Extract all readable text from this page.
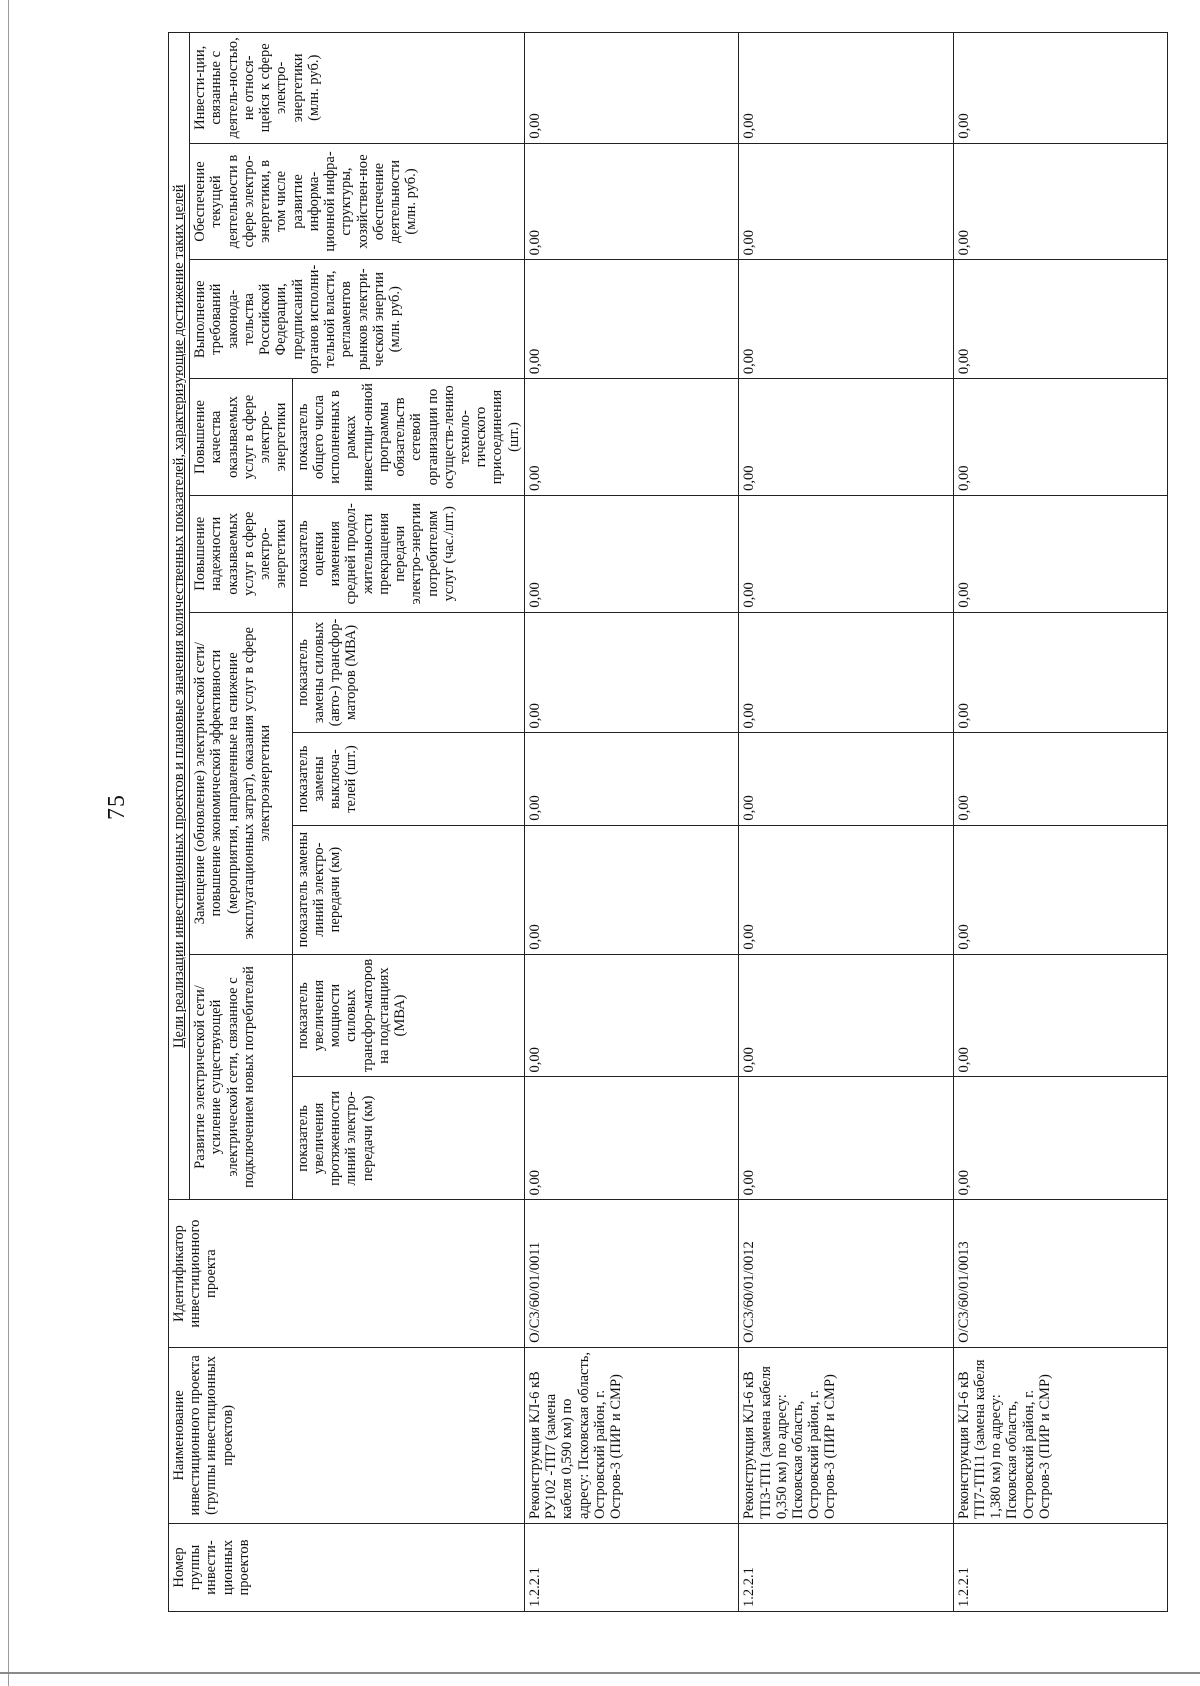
75
Номер группы инвести-ционных проектов	Наименование инвестиционного проекта (группы инвестиционных проектов)	Идентификатор инвестиционного проекта	Цели реализации инвестиционных проектов и плановые значения количественных показателей, характеризующие достижение таких целей									
			Развитие электрической сети/усиление существующей электрической сети, связанное с подключением новых потребителей		Замещение (обновление) электрической сети/повышение экономической эффективности (мероприятия, направленные на снижение эксплуатационных затрат), оказания услуг в сфере электроэнергетики			Повышение надежности оказываемых услуг в сфере электро-энергетики	Повышение качества оказываемых услуг в сфере электро-энергетики	Выполнение требований законода-тельства Российской Федерации, предписаний органов исполни-тельной власти, регламентов рынков электри-ческой энергии (млн. руб.)	Обеспечение текущей деятельности в сфере электро-энергетики, в том числе развитие информа-ционной инфра-структуры, хозяйствен-ное обеспечение деятельности (млн. руб.)	Инвести-ции, связанные с деятель-ностью, не относя-щейся к сфере электро-энергетики (млн. руб.)
			показатель увеличения протяженности линий электро-передачи (км)	показатель увеличения мощности силовых трансфор-маторов на подстанциях (МВА)	показатель замены линий электро-передачи (км)	показатель замены выключа-телей (шт.)	показатель замены силовых (авто-) трансфор-маторов (МВА)	показатель оценки изменения средней продол-жительности прекращения передачи электро-энергии потребителям услуг (час./шт.)	показатель общего числа исполненных в рамках инвестици-онной программы обязательств сетевой организации по осуществ-лению техноло-гического присоединения (шт.)			
1.2.2.1	Реконструкция КЛ-6 кВ РУ102 -ТП7 (замена кабеля 0,590 км) по адресу: Псковская область, Островский район, г. Остров-3 (ПИР и СМР)	О/С3/60/01/0011	0,00	0,00	0,00	0,00	0,00	0,00	0,00	0,00	0,00	0,00
1.2.2.1	Реконструкция КЛ-6 кВ ТП3-ТП1 (замена кабеля 0,350 км) по адресу: Псковская область, Островский район, г. Остров-3 (ПИР и СМР)	О/С3/60/01/0012	0,00	0,00	0,00	0,00	0,00	0,00	0,00	0,00	0,00	0,00
1.2.2.1	Реконструкция КЛ-6 кВ ТП7-ТП11 (замена кабеля 1,380 км) по адресу: Псковская область, Островский район, г. Остров-3 (ПИР и СМР)	О/С3/60/01/0013	0,00	0,00	0,00	0,00	0,00	0,00	0,00	0,00	0,00	0,00
